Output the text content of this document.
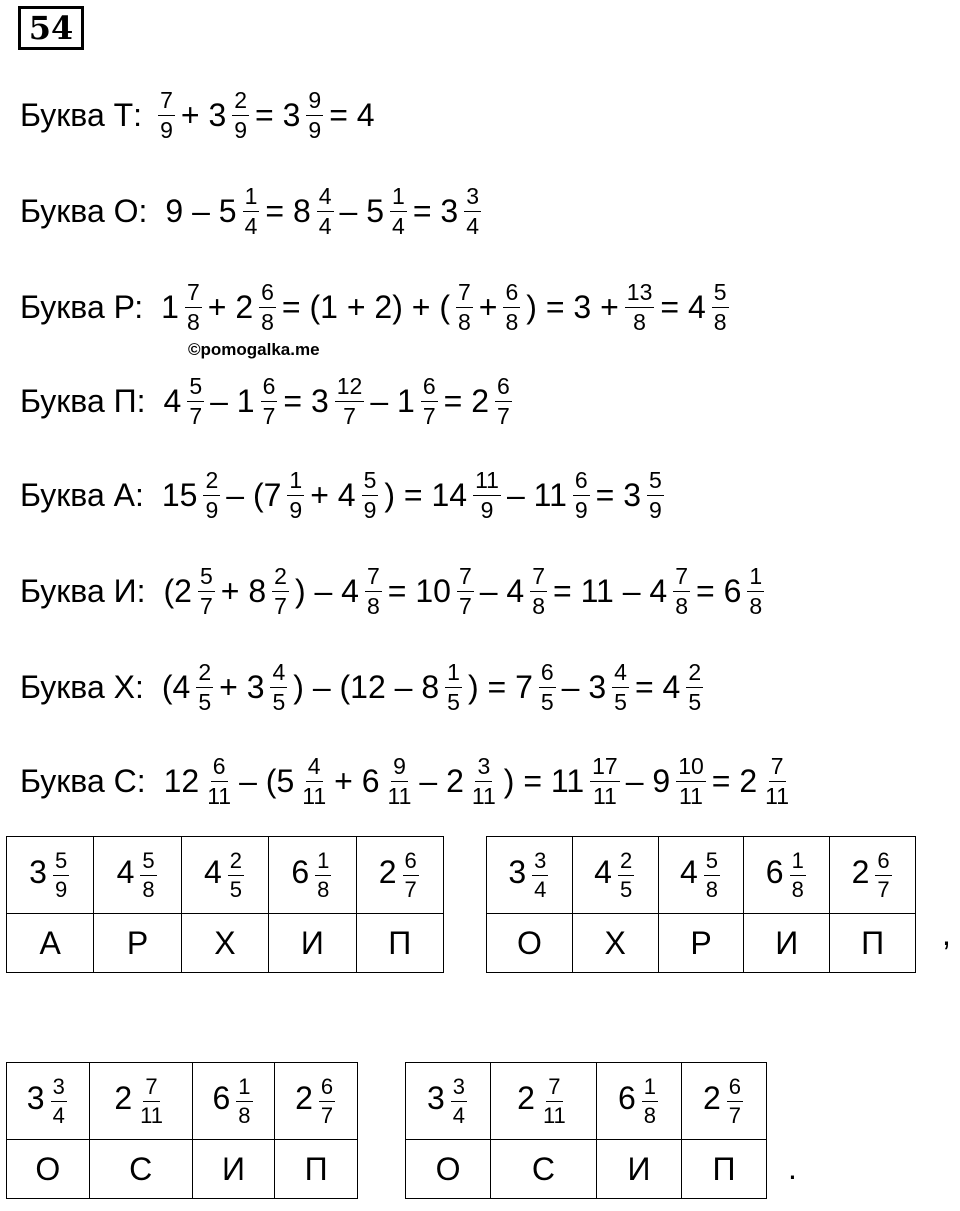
54
©pomogalka.me
Буква Т: $\frac{7}{9} + 3 \frac{2}{9} = 3 \frac{9}{9} = 4$
Буква О: $9 - 5 \frac{1}{4} = 8 \frac{4}{4} - 5 \frac{1}{4} = 3 \frac{3}{4}$
Буква Р: $1 \frac{7}{8} + 2 \frac{6}{8} = (1 + 2)$ + ( $\frac{7}{8} + \frac{6}{8}$ ) = $3 + \frac{13}{8} = 4 \frac{5}{8}$
Буква П: $4 \frac{5}{7} - 1 \frac{6}{7} = 3 \frac{12}{7} - 1 \frac{6}{7} = 2 \frac{6}{7}$
Буква А: $15 \frac{2}{9} - (7 \frac{1}{9} + 4 \frac{5}{9}$ ) = $14 \frac{11}{9} - 11 \frac{6}{9} = 3 \frac{5}{9}$
Буква И: ($2 \frac{5}{7} + 8 \frac{2}{7}$ ) – $4 \frac{7}{8} = 10 \frac{7}{7} - 4 \frac{7}{8} = 11 - 4 \frac{7}{8} = 6 \frac{1}{8}$
Буква Х: ($4 \frac{2}{5} + 3 \frac{4}{5}$ ) – ($12 - 8 \frac{1}{5}$ ) = $7 \frac{6}{5} - 3 \frac{4}{5} = 4 \frac{2}{5}$
Буква С: $12 \frac{6}{11} - (5 \frac{4}{11} + 6 \frac{9}{11} - 2 \frac{3}{11}$ ) = $11 \frac{17}{11} - 9 \frac{10}{11} = 2 \frac{7}{11}$
$3 \frac{5}{9}$	$4 \frac{5}{8}$	$4 \frac{2}{5}$	$6 \frac{1}{8}$	$2 \frac{6}{7}$

А	Р	Х	И	П
$3 \frac{3}{4}$	$4 \frac{2}{5}$	$4 \frac{5}{8}$	$6 \frac{1}{8}$	$2 \frac{6}{7}$

О	Х	Р	И	П ,
$3 \frac{3}{4}$	$2 \frac{7}{11}$	$6 \frac{1}{8}$	$2 \frac{6}{7}$

О	С	И	П
$3 \frac{3}{4}$	$2 \frac{7}{11}$	$6 \frac{1}{8}$	$2 \frac{6}{7}$

О	С	И	П .
